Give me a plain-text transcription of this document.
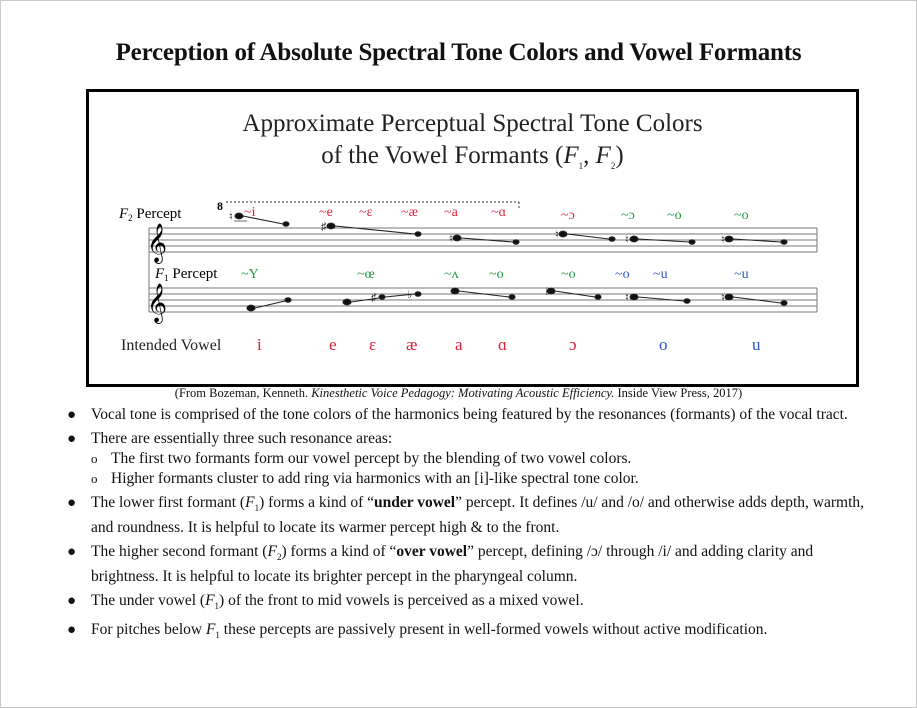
Perception of Absolute Spectral Tone Colors and Vowel Formants
Approximate Perceptual Spectral Tone Colors
of the Vowel Formants ($F_1$, $F_2$)
$F_2$ Percept	8
𝄞
𝄞
$F_1$ Percept
♮
♯
♮	♮	♮	♮
♯	♭	♭	♮	♮
~i	~e ~ɛ ~æ ~a ~ɑ	~ɔ	~ɔ ~o	~o
~Y	~œ	~ʌ ~o	~o	~o ~u	~u
Intended Vowel i	e ɛ æ a ɑ	ɔ	o	u
(From Bozeman, Kenneth. Kinesthetic Voice Pedagogy: Motivating Acoustic Efficiency. Inside View Press, 2017)
● Vocal tone is comprised of the tone colors of the harmonics being featured by the resonances (formants) of the vocal tract.
● There are essentially three such resonance areas:
o The first two formants form our vowel percept by the blending of two vowel colors.
o Higher formants cluster to add ring via harmonics with an [i]-like spectral tone color.
● The lower first formant $(F_1)$ forms a kind of “under vowel” percept. It defines /u/ and /o/ and otherwise adds depth, warmth, and roundness. It is helpful to locate its warmer percept high & to the front.
● The higher second formant $(F_2)$ forms a kind of “over vowel” percept, defining /ɔ/ through /i/ and adding clarity and brightness. It is helpful to locate its brighter percept in the pharyngeal column.
● The under vowel $(F_1)$ of the front to mid vowels is perceived as a mixed vowel.
● For pitches below $F_1$ these percepts are passively present in well-formed vowels without active modification.
